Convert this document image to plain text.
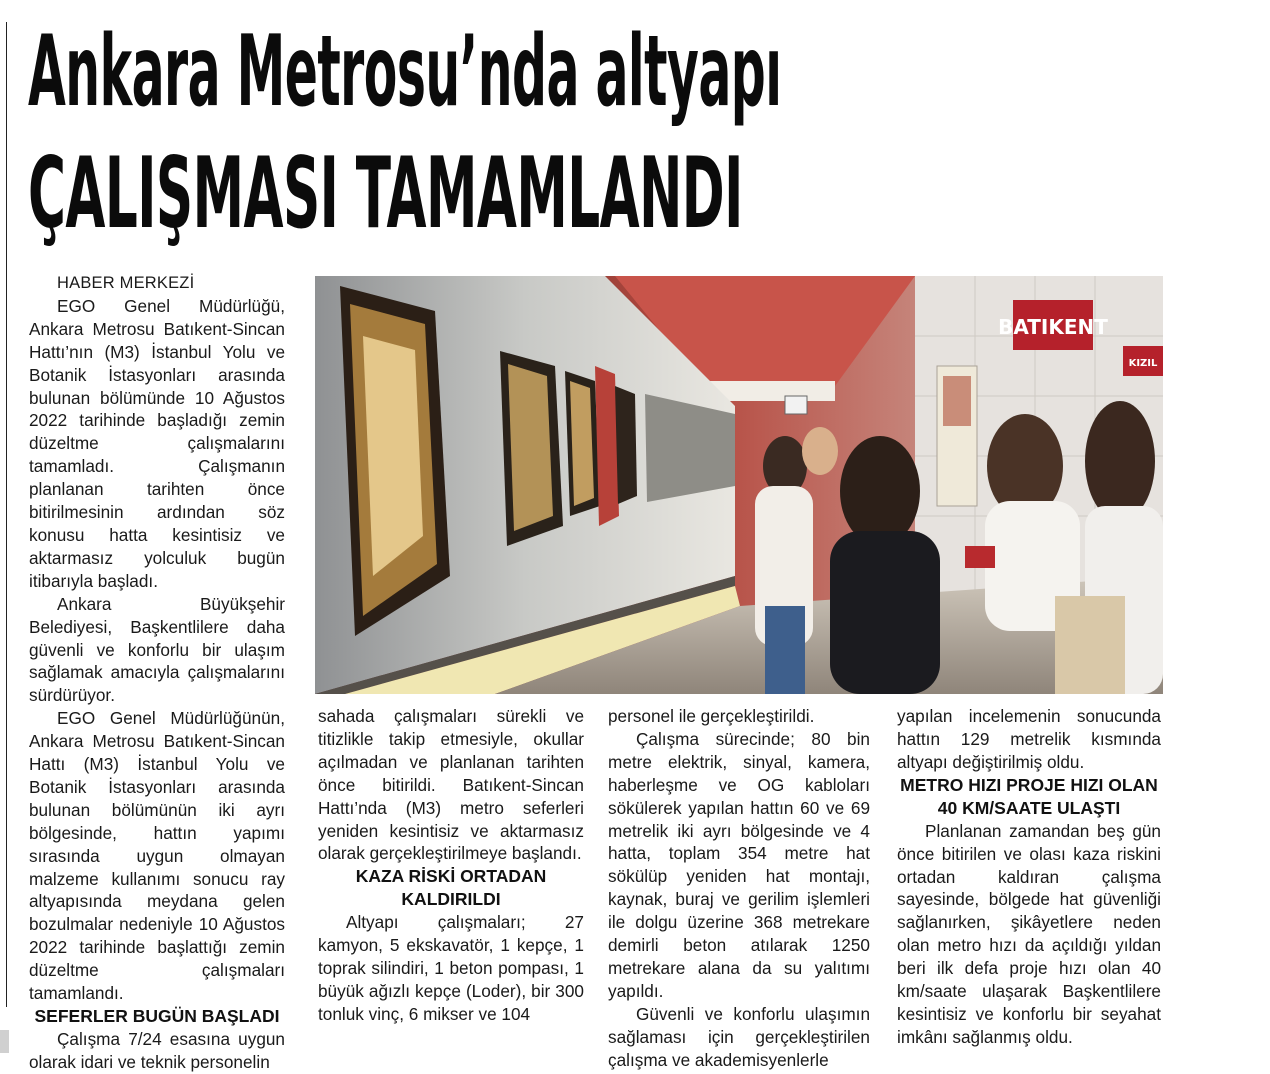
Ankara Metrosu’nda altyapı
ÇALIŞMASI TAMAMLANDI

HABER MERKEZİ

EGO Genel Müdürlüğü, Ankara Metrosu Batıkent-Sincan Hattı’nın (M3) İstanbul Yolu ve Botanik İstasyonları arasında bulunan bölümünde 10 Ağustos 2022 tarihinde başladığı zemin düzeltme çalışmalarını tamamladı. Çalışmanın planlanan tarihten önce bitirilmesinin ardından söz konusu hatta kesintisiz ve aktarmasız yolculuk bugün itibarıyla başladı.

Ankara Büyükşehir Belediyesi, Başkentlilere daha güvenli ve konforlu bir ulaşım sağlamak amacıyla çalışmalarını sürdürüyor.

EGO Genel Müdürlüğünün, Ankara Metrosu Batıkent-Sincan Hattı (M3) İstanbul Yolu ve Botanik İstasyonları arasında bulunan bölümünün iki ayrı bölgesinde, hattın yapımı sırasında uygun olmayan malzeme kullanımı sonucu ray altyapısında meydana gelen bozulmalar nedeniyle 10 Ağustos 2022 tarihinde başlattığı zemin düzeltme çalışmaları tamamlandı.

SEFERLER BUGÜN BAŞLADI

Çalışma 7/24 esasına uygun olarak idari ve teknik personelin

BATIKENT
KIZIL

sahada çalışmaları sürekli ve titizlikle takip etmesiyle, okullar açılmadan ve planlanan tarihten önce bitirildi. Batıkent-Sincan Hattı’nda (M3) metro seferleri yeniden kesintisiz ve aktarmasız olarak gerçekleştirilmeye başlandı.

KAZA RİSKİ ORTADAN KALDIRILDI

Altyapı çalışmaları; 27 kamyon, 5 ekskavatör, 1 kepçe, 1 toprak silindiri, 1 beton pompası, 1 büyük ağızlı kepçe (Loder), bir 300 tonluk vinç, 6 mikser ve 104

personel ile gerçekleştirildi.

Çalışma sürecinde; 80 bin metre elektrik, sinyal, kamera, haberleşme ve OG kabloları sökülerek yapılan hattın 60 ve 69 metrelik iki ayrı bölgesinde ve 4 hatta, toplam 354 metre hat sökülüp yeniden hat montajı, kaynak, buraj ve gerilim işlemleri ile dolgu üzerine 368 metrekare demirli beton atılarak 1250 metrekare alana da su yalıtımı yapıldı.

Güvenli ve konforlu ulaşımın sağlaması için gerçekleştirilen çalışma ve akademisyenlerle

yapılan incelemenin sonucunda hattın 129 metrelik kısmında altyapı değiştirilmiş oldu.

METRO HIZI PROJE HIZI OLAN 40 KM/SAATE ULAŞTI

Planlanan zamandan beş gün önce bitirilen ve olası kaza riskini ortadan kaldıran çalışma sayesinde, bölgede hat güvenliği sağlanırken, şikâyetlere neden olan metro hızı da açıldığı yıldan beri ilk defa proje hızı olan 40 km/saate ulaşarak Başkentlilere kesintisiz ve konforlu bir seyahat imkânı sağlanmış oldu.
